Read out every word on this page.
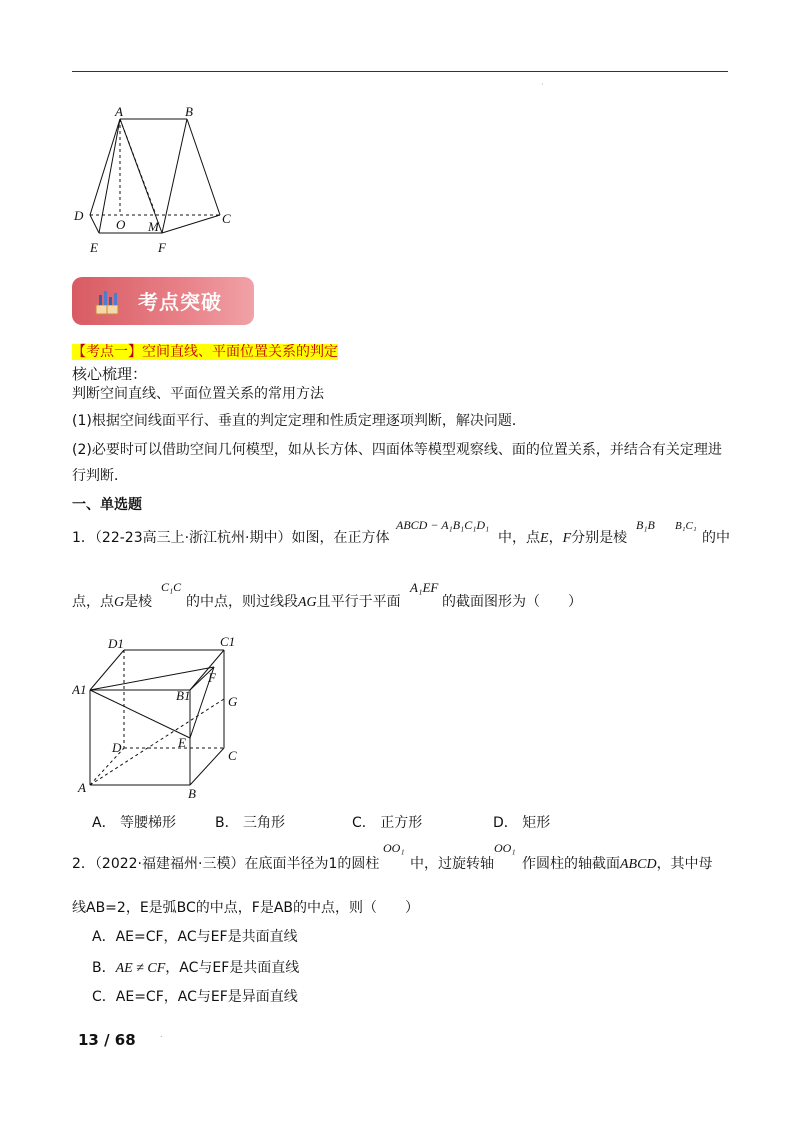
·
A	B
D
O M
C
E	F
考点突破
【考点一】空间直线、平面位置关系的判定
核心梳理：
判断空间直线、平面位置关系的常用方法
(1)根据空间线面平行、垂直的判定定理和性质定理逐项判断，解决问题．
(2)必要时可以借助空间几何模型，如从长方体、四面体等模型观察线、面的位置关系，并结合有关定理进
行判断．
一、单选题
1．（22-23高三上·浙江杭州·期中）如图，在正方体
ABCD − A₁B₁C₁D₁
中，点E，F分别是棱
B₁B B₁C₁
的中
点，点G是棱
C₁C
的中点，则过线段AG且平行于平面
A₁EF
的截面图形为（　　）
D1	C1
A1	B1
F
G
E
D
C
A	B
A． 等腰梯形	B． 三角形	C． 正方形	D． 矩形
2．（2022·福建福州·三模）在底面半径为1的圆柱
OO₁
中，过旋转轴
OO₁
作圆柱的轴截面ABCD，其中母
线AB=2，E是弧BC的中点，F是AB的中点，则（　　）
A．AE=CF，AC与EF是共面直线
B．AE ≠ CF，AC与EF是共面直线
C．AE=CF，AC与EF是异面直线
13 / 68	.
